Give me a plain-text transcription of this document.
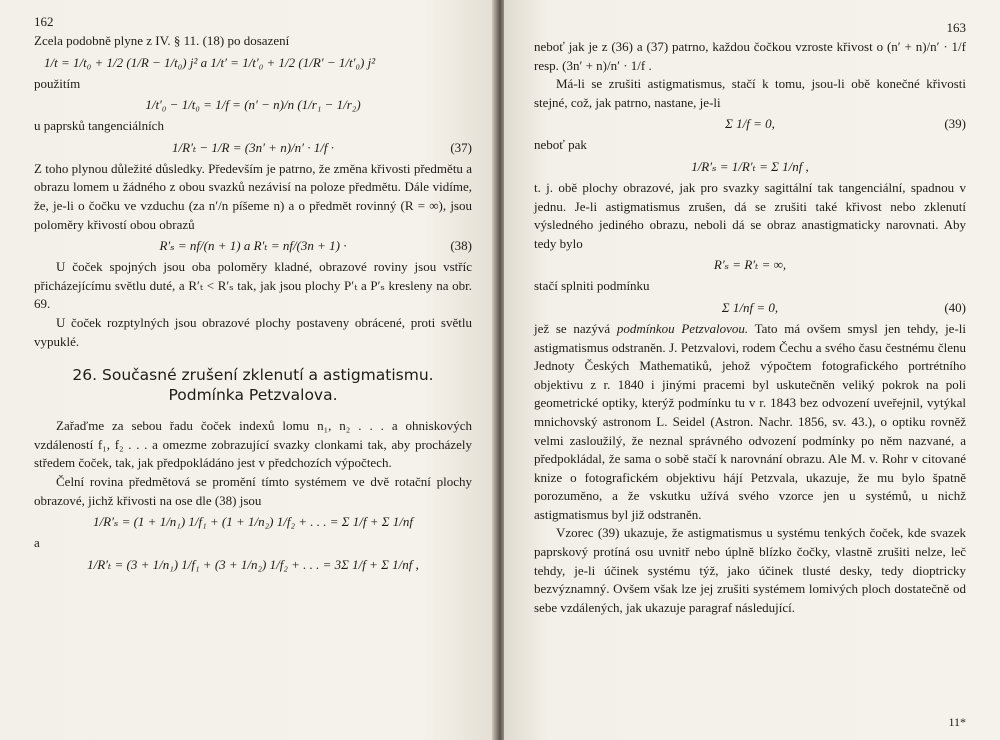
162

Zcela podobně plyne z IV. § 11. (18) po dosazení

1/t = 1/t₀ + 1/2 (1/R − 1/t₀) j² a 1/t′ = 1/t′₀ + 1/2 (1/R′ − 1/t′₀) j²

použitím

1/t′₀ − 1/t₀ = 1/f = (n′ − n)/n (1/r₁ − 1/r₂)

u paprsků tangenciálních

1/R′ₜ − 1/R = (3n′ + n)/n′ · 1/f ·	(37)

Z toho plynou důležité důsledky. Především je patrno, že změna křivosti předmětu a obrazu lomem u žádného z obou svazků nezávisí na poloze předmětu. Dále vidíme, že, je-li o čočku ve vzduchu (za n′/n píšeme n) a o předmět rovinný (R = ∞), jsou poloměry křivostí obou obrazů

R′ₛ = nf/(n + 1) a R′ₜ = nf/(3n + 1) ·	(38)

U čoček spojných jsou oba poloměry kladné, obrazové roviny jsou vstříc přicházejícímu světlu duté, a R′ₜ < R′ₛ tak, jak jsou plochy P′ₜ a P′ₛ kresleny na obr. 69.

U čoček rozptylných jsou obrazové plochy postaveny obrácené, proti světlu vypuklé.

26. Současné zrušení zklenutí a astigmatismu.
Podmínka Petzvalova.

Zařaďme za sebou řadu čoček indexů lomu n₁, n₂ . . . a ohniskových vzdáleností f₁, f₂ . . . a omezme zobrazující svazky clonkami tak, aby procházely středem čoček, tak, jak předpokládáno jest v předchozích výpočtech.

Čelní rovina předmětová se promění tímto systémem ve dvě rotační plochy obrazové, jichž křivosti na ose dle (38) jsou

1/R′ₛ = (1 + 1/n₁) 1/f₁ + (1 + 1/n₂) 1/f₂ + . . . = Σ 1/f + Σ 1/nf

a

1/R′ₜ = (3 + 1/n₁) 1/f₁ + (3 + 1/n₂) 1/f₂ + . . . = 3Σ 1/f + Σ 1/nf ,
163

neboť jak je z (36) a (37) patrno, každou čočkou vzroste křivost o (n′ + n)/n′ · 1/f resp. (3n′ + n)/n′ · 1/f .

Má-li se zrušiti astigmatismus, stačí k tomu, jsou-li obě konečné křivosti stejné, což, jak patrno, nastane, je-li

Σ 1/f = 0,	(39)

neboť pak

1/R′ₛ = 1/R′ₜ = Σ 1/nf ,

t. j. obě plochy obrazové, jak pro svazky sagittální tak tangenciální, spadnou v jednu. Je-li astigmatismus zrušen, dá se zrušiti také křivost nebo zklenutí výsledného jediného obrazu, neboli dá se obraz anastigmaticky narovnati. Aby tedy bylo

R′ₛ = R′ₜ = ∞,

stačí splniti podmínku

Σ 1/nf = 0,	(40)

jež se nazývá podmínkou Petzvalovou. Tato má ovšem smysl jen tehdy, je-li astigmatismus odstraněn. J. Petzvalovi, rodem Čechu a svého času čestnému členu Jednoty Českých Mathematiků, jehož výpočtem fotografického portrétního objektivu z r. 1840 i jinými pracemi byl uskutečněn veliký pokrok na poli geometrické optiky, kterýž podmínku tu v r. 1843 bez odvození uveřejnil, vytýkal mnichovský astronom L. Seidel (Astron. Nachr. 1856, sv. 43.), o optiku rovněž velmi zasloužilý, že neznal správného odvození podmínky po něm nazvané, a předpokládal, že sama o sobě stačí k narovnání obrazu. Ale M. v. Rohr v citované knize o fotografickém objektivu hájí Petzvala, ukazuje, že mu bylo špatně porozuměno, a že vskutku užívá svého vzorce jen u systémů, u nichž astigmatismus byl již odstraněn.

Vzorec (39) ukazuje, že astigmatismus u systému tenkých čoček, kde svazek paprskový protíná osu uvnitř nebo úplně blízko čočky, vlastně zrušiti nelze, leč tehdy, je-li účinek systému týž, jako účinek tlusté desky, tedy dioptricky bezvýznamný. Ovšem však lze jej zrušiti systémem lomivých ploch dostatečně od sebe vzdálených, jak ukazuje paragraf následující.

11*
